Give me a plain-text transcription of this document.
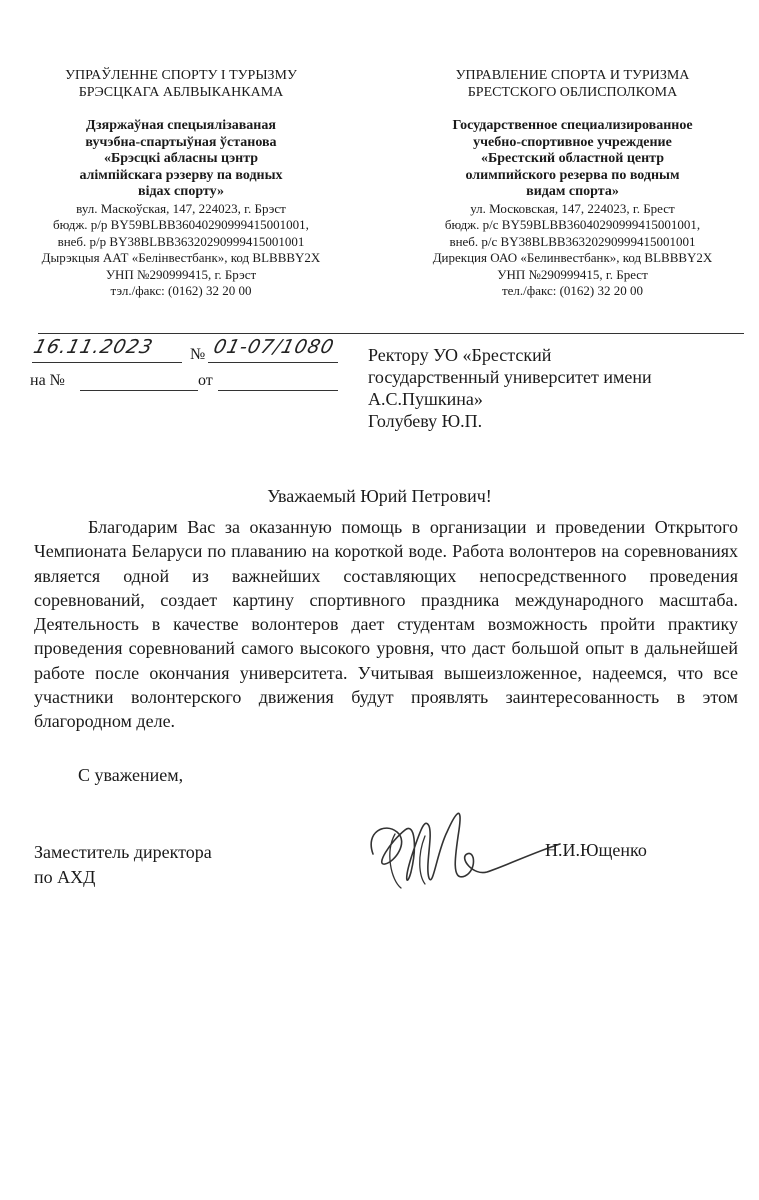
УПРАЎЛЕННЕ СПОРТУ І ТУРЫЗМУ
БРЭСЦКАГА АБЛВЫКАНКАМА
Дзяржаўная спецыялізаваная
вучэбна-спартыўная ўстанова
«Брэсцкі абласны цэнтр
алімпійскага рэзерву па водных
відах спорту»
вул. Маскоўская, 147, 224023, г. Брэст
бюдж. р/р BY59BLBB36040290999415001001,
внеб. р/р BY38BLBB36320290999415001001
Дырэкцыя ААТ «Белінвестбанк», код BLBBBY2X
УНП №290999415, г. Брэст
тэл./факс: (0162) 32 20 00
УПРАВЛЕНИЕ СПОРТА И ТУРИЗМА
БРЕСТСКОГО ОБЛИСПОЛКОМА
Государственное специализированное
учебно-спортивное учреждение
«Брестский областной центр
олимпийского резерва по водным
видам спорта»
ул. Московская, 147, 224023, г. Брест
бюдж. р/с BY59BLBB36040290999415001001,
внеб. р/с BY38BLBB36320290999415001001
Дирекция ОАО «Белинвестбанк», код BLBBBY2X
УНП №290999415, г. Брест
тел./факс: (0162) 32 20 00
16.11.2023 № 01-07/1080
на №	от
Ректору УО «Брестский
государственный университет имени
А.С.Пушкина»
Голубеву Ю.П.
Уважаемый Юрий Петрович!
Благодарим Вас за оказанную помощь в организации и проведении Открытого Чемпионата Беларуси по плаванию на короткой воде. Работа волонтеров на соревнованиях является одной из важнейших составляющих непосредственного проведения соревнований, создает картину спортивного праздника международного масштаба. Деятельность в качестве волонтеров дает студентам возможность пройти практику проведения соревнований самого высокого уровня, что даст большой опыт в дальнейшей работе после окончания университета. Учитывая вышеизложенное, надеемся, что все участники волонтерского движения будут проявлять заинтересованность в этом благородном деле.
С уважением,
Заместитель директора
по АХД
Н.И.Ющенко
